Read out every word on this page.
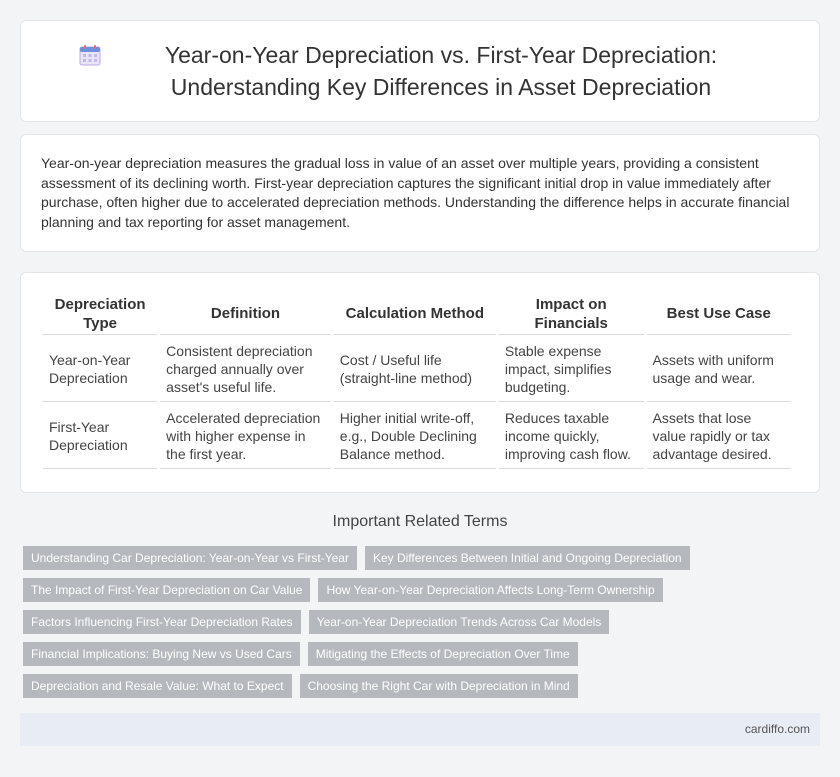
Year-on-Year Depreciation vs. First-Year Depreciation: Understanding Key Differences in Asset Depreciation

Year-on-year depreciation measures the gradual loss in value of an asset over multiple years, providing a consistent assessment of its declining worth. First-year depreciation captures the significant initial drop in value immediately after purchase, often higher due to accelerated depreciation methods. Understanding the difference helps in accurate financial planning and tax reporting for asset management.

Depreciation Type	Definition	Calculation Method	Impact on Financials	Best Use Case
Year-on-Year Depreciation	Consistent depreciation charged annually over asset's useful life.	Cost / Useful life (straight-line method)	Stable expense impact, simplifies budgeting.	Assets with uniform usage and wear.
First-Year Depreciation	Accelerated depreciation with higher expense in the first year.	Higher initial write-off, e.g., Double Declining Balance method.	Reduces taxable income quickly, improving cash flow.	Assets that lose value rapidly or tax advantage desired.
Important Related Terms
Understanding Car Depreciation: Year-on-Year vs First-Year	Key Differences Between Initial and Ongoing Depreciation
The Impact of First-Year Depreciation on Car Value	How Year-on-Year Depreciation Affects Long-Term Ownership
Factors Influencing First-Year Depreciation Rates	Year-on-Year Depreciation Trends Across Car Models
Financial Implications: Buying New vs Used Cars	Mitigating the Effects of Depreciation Over Time
Depreciation and Resale Value: What to Expect	Choosing the Right Car with Depreciation in Mind
cardiffo.com
